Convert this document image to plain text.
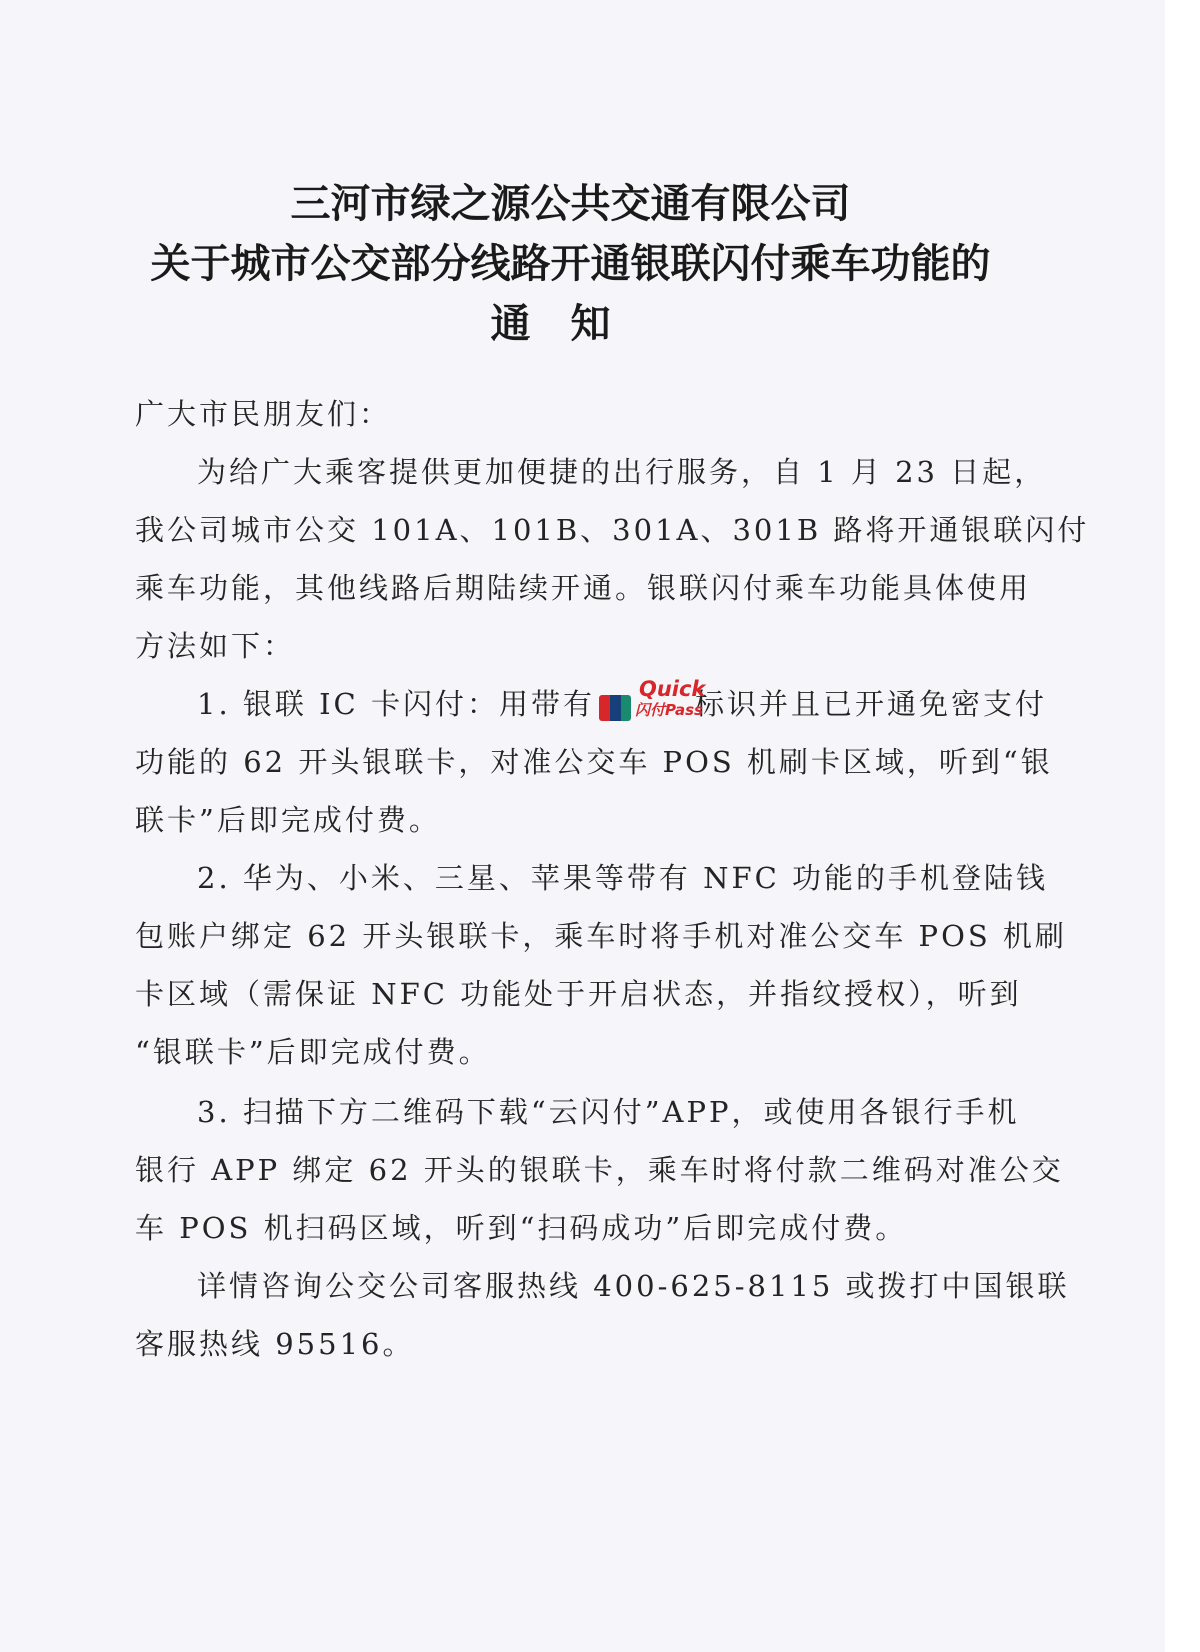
三河市绿之源公共交通有限公司
关于城市公交部分线路开通银联闪付乘车功能的
通知
广大市民朋友们：
为给广大乘客提供更加便捷的出行服务，自 1 月 23 日起，
我公司城市公交 101A、101B、301A、301B 路将开通银联闪付
乘车功能，其他线路后期陆续开通。银联闪付乘车功能具体使用
方法如下：
1. 银联 IC 卡闪付：用带有 Quick
闪付Pass
标识并且已开通免密支付
功能的 62 开头银联卡，对准公交车 POS 机刷卡区域，听到“银
联卡”后即完成付费。
2. 华为、小米、三星、苹果等带有 NFC 功能的手机登陆钱
包账户绑定 62 开头银联卡，乘车时将手机对准公交车 POS 机刷
卡区域（需保证 NFC 功能处于开启状态，并指纹授权），听到
“银联卡”后即完成付费。
3. 扫描下方二维码下载“云闪付”APP，或使用各银行手机
银行 APP 绑定 62 开头的银联卡，乘车时将付款二维码对准公交
车 POS 机扫码区域，听到“扫码成功”后即完成付费。
详情咨询公交公司客服热线 400-625-8115 或拨打中国银联
客服热线 95516。
